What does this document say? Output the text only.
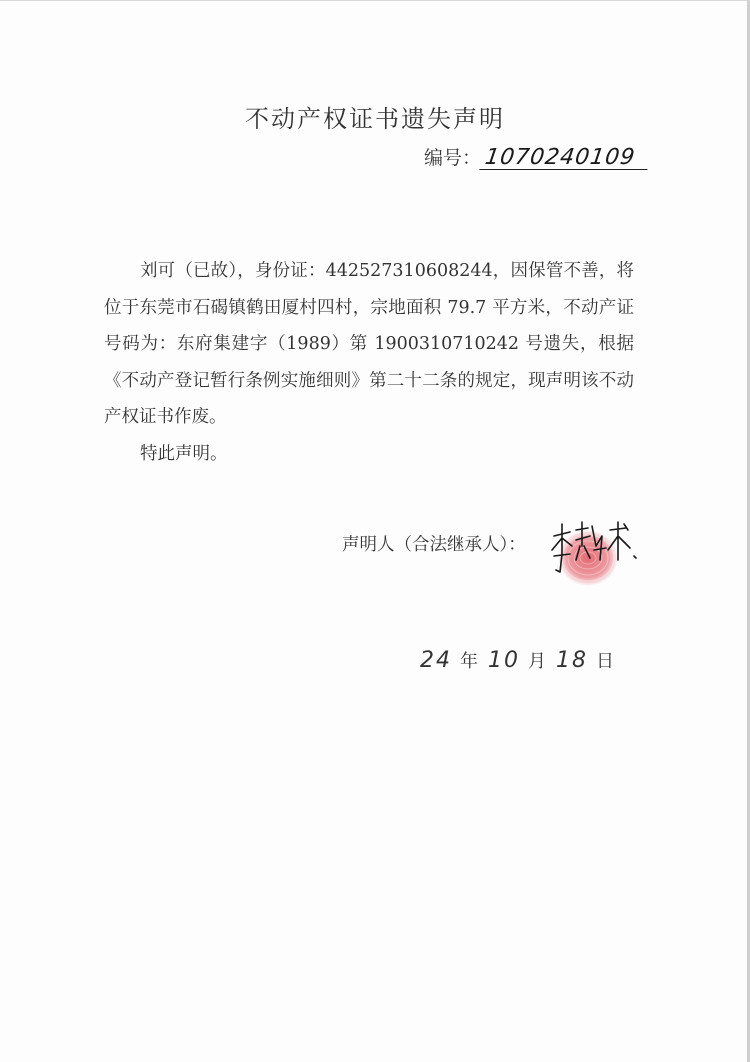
不动产权证书遗失声明
编号： 1070240109

刘可（已故），身份证：442527310608244，因保管不善，将位于东莞市石碣镇鹤田厦村四村，宗地面积 79.7 平方米，不动产证号码为：东府集建字（1989）第 1900310710242 号遗失，根据《不动产登记暂行条例实施细则》第二十二条的规定，现声明该不动产权证书作废。

特此声明。

声明人（合法继承人）：
24 年 10 月 18 日
